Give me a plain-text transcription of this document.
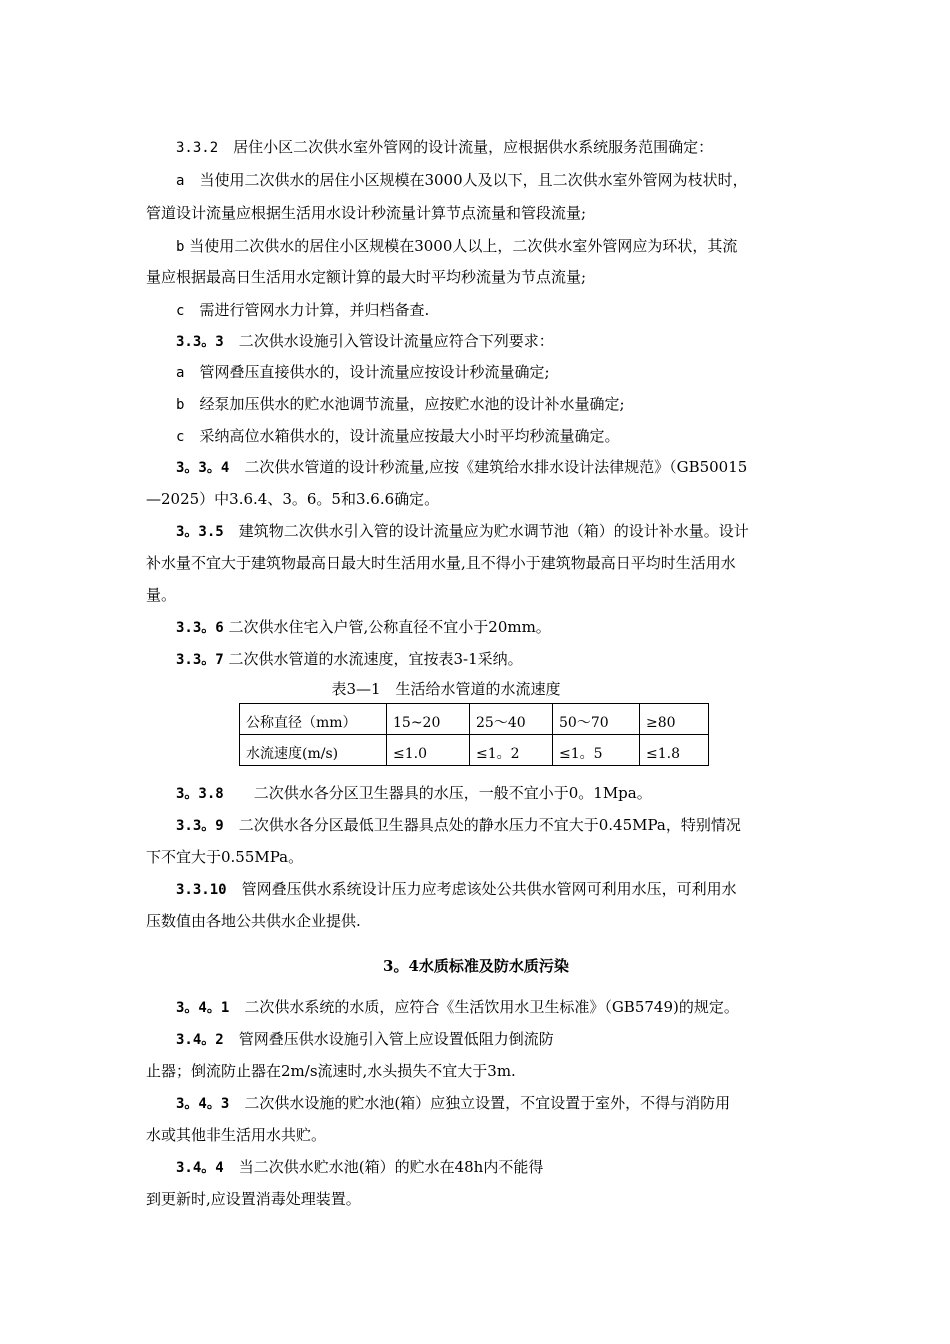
3.3.2　 居住小区二次供水室外管网的设计流量，应根据供水系统服务范围确定：
a　 当使用二次供水的居住小区规模在3000人及以下，且二次供水室外管网为枝状时，
管道设计流量应根据生活用水设计秒流量计算节点流量和管段流量;
b 当使用二次供水的居住小区规模在3000人以上，二次供水室外管网应为环状，其流
量应根据最高日生活用水定额计算的最大时平均秒流量为节点流量;
c　 需进行管网水力计算，并归档备查.
3.3。3　 二次供水设施引入管设计流量应符合下列要求：
a　 管网叠压直接供水的，设计流量应按设计秒流量确定;
b　 经泵加压供水的贮水池调节流量，应按贮水池的设计补水量确定;
c　 采纳高位水箱供水的，设计流量应按最大小时平均秒流量确定。
3。3。4　 二次供水管道的设计秒流量,应按《建筑给水排水设计法律规范》（GB50015
—2025）中3.6.4、3。6。5和3.6.6确定。
3。3.5　 建筑物二次供水引入管的设计流量应为贮水调节池（箱）的设计补水量。设计
补水量不宜大于建筑物最高日最大时生活用水量,且不得小于建筑物最高日平均时生活用水
量。
3.3。6 二次供水住宅入户管,公称直径不宜小于20mm。
3.3。7 二次供水管道的水流速度，宜按表3-1采纳。
表3—1　生活给水管道的水流速度
公称直径（mm）	15~20	25～40	50～70	≥80
水流速度(m/s)	≤1.0	≤1。2	≤1。5	≤1.8
3。3.8　　 二次供水各分区卫生器具的水压，一般不宜小于0。1Mpa。
3.3。9　 二次供水各分区最低卫生器具点处的静水压力不宜大于0.45MPa，特别情况
下不宜大于0.55MPa。
3.3.10　 管网叠压供水系统设计压力应考虑该处公共供水管网可利用水压，可利用水
压数值由各地公共供水企业提供.
3。4水质标准及防水质污染
3。4。1　 二次供水系统的水质，应符合《生活饮用水卫生标准》（GB5749)的规定。
3.4。2　 管网叠压供水设施引入管上应设置低阻力倒流防
止器；倒流防止器在2m/s流速时,水头损失不宜大于3m.
3。4。3　 二次供水设施的贮水池(箱）应独立设置，不宜设置于室外，不得与消防用
水或其他非生活用水共贮。
3.4。4　 当二次供水贮水池(箱）的贮水在48h内不能得
到更新时,应设置消毒处理装置。
